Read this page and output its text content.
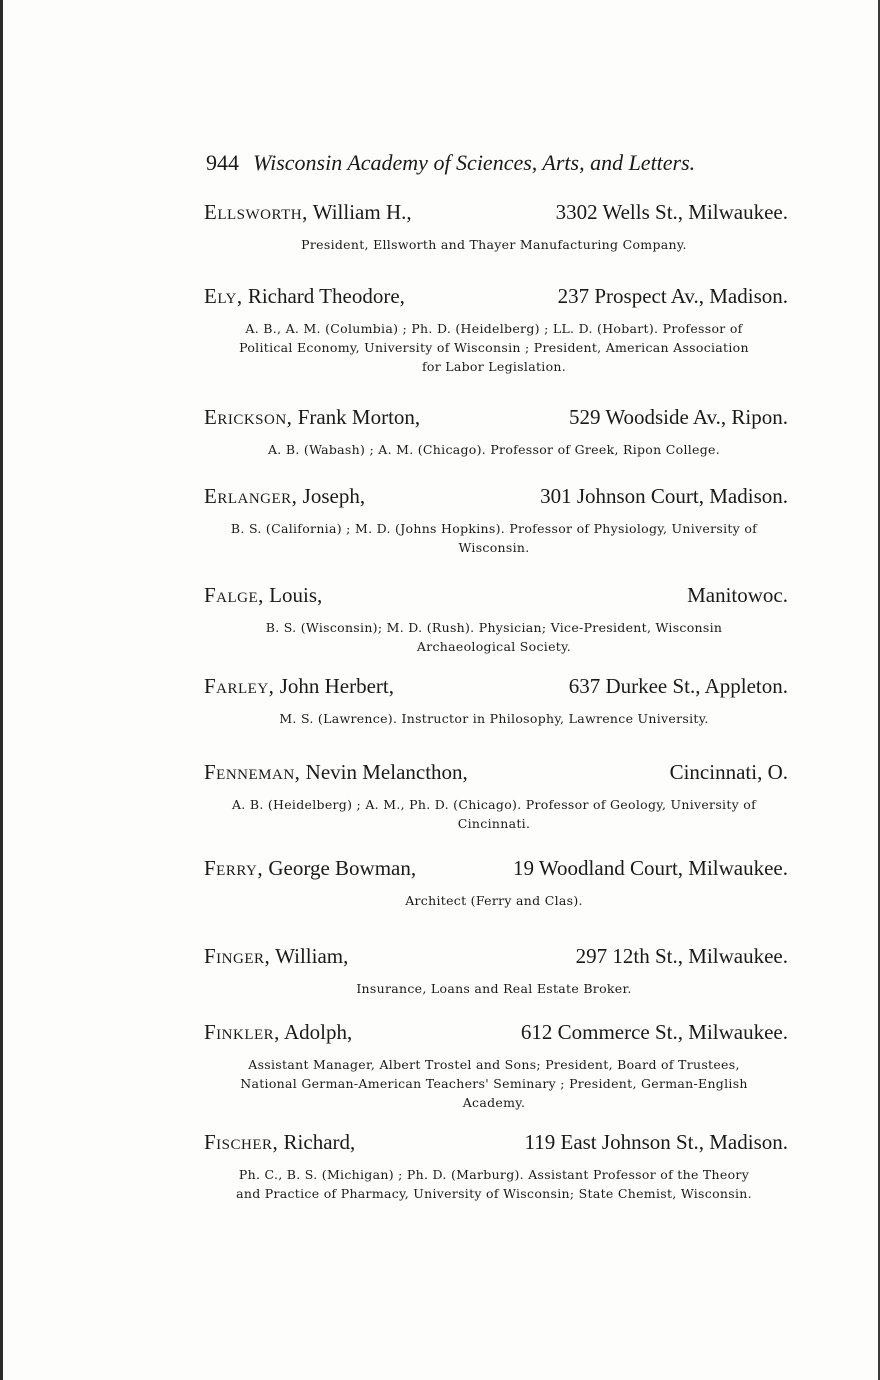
944 Wisconsin Academy of Sciences, Arts, and Letters.
Ellsworth, William H.,	3302 Wells St., Milwaukee.
President, Ellsworth and Thayer Manufacturing Company.
Ely, Richard Theodore,	237 Prospect Av., Madison.
A. B., A. M. (Columbia) ; Ph. D. (Heidelberg) ; LL. D. (Hobart). Professor of Political Economy, University of Wisconsin ; President, American Association for Labor Legislation.
Erickson, Frank Morton,	529 Woodside Av., Ripon.
A. B. (Wabash) ; A. M. (Chicago). Professor of Greek, Ripon College.
Erlanger, Joseph,	301 Johnson Court, Madison.
B. S. (California) ; M. D. (Johns Hopkins). Professor of Physiology, University of Wisconsin.
Falge, Louis,	Manitowoc.
B. S. (Wisconsin); M. D. (Rush). Physician; Vice-President, Wisconsin Archaeological Society.
Farley, John Herbert,	637 Durkee St., Appleton.
M. S. (Lawrence). Instructor in Philosophy, Lawrence University.
Fenneman, Nevin Melancthon,	Cincinnati, O.
A. B. (Heidelberg) ; A. M., Ph. D. (Chicago). Professor of Geology, University of Cincinnati.
Ferry, George Bowman,	19 Woodland Court, Milwaukee.
Architect (Ferry and Clas).
Finger, William,	297 12th St., Milwaukee.
Insurance, Loans and Real Estate Broker.
Finkler, Adolph,	612 Commerce St., Milwaukee.
Assistant Manager, Albert Trostel and Sons; President, Board of Trustees, National German-American Teachers' Seminary ; President, German-English Academy.
Fischer, Richard,	119 East Johnson St., Madison.
Ph. C., B. S. (Michigan) ; Ph. D. (Marburg). Assistant Professor of the Theory and Practice of Pharmacy, University of Wisconsin; State Chemist, Wisconsin.
